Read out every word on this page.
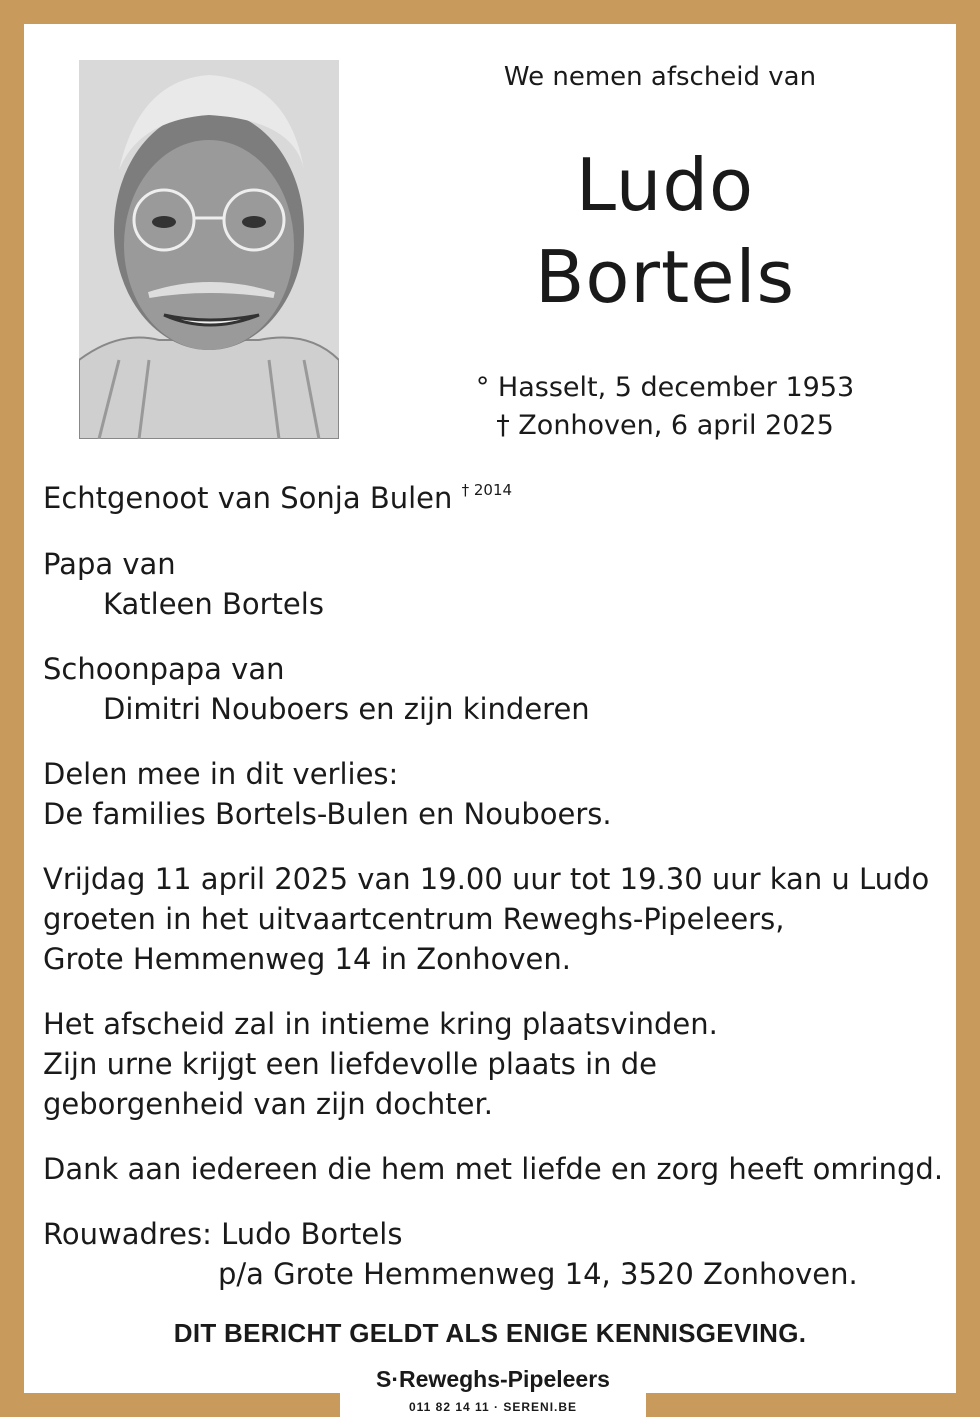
We nemen afscheid van
Ludo
Bortels
° Hasselt, 5 december 1953
† Zonhoven, 6 april 2025
Echtgenoot van Sonja Bulen $^{\dagger 2014}$
Papa van
Katleen Bortels
Schoonpapa van
Dimitri Nouboers en zijn kinderen
Delen mee in dit verlies:
De families Bortels-Bulen en Nouboers.
Vrijdag 11 april 2025 van 19.00 uur tot 19.30 uur kan u Ludo
groeten in het uitvaartcentrum Reweghs-Pipeleers,
Grote Hemmenweg 14 in Zonhoven.
Het afscheid zal in intieme kring plaatsvinden.
Zijn urne krijgt een liefdevolle plaats in de
geborgenheid van zijn dochter.
Dank aan iedereen die hem met liefde en zorg heeft omringd.
Rouwadres: Ludo Bortels
p/a Grote Hemmenweg 14, 3520 Zonhoven.
DIT BERICHT GELDT ALS ENIGE KENNISGEVING.
S·Reweghs-Pipeleers
011 82 14 11 · SERENI.BE
